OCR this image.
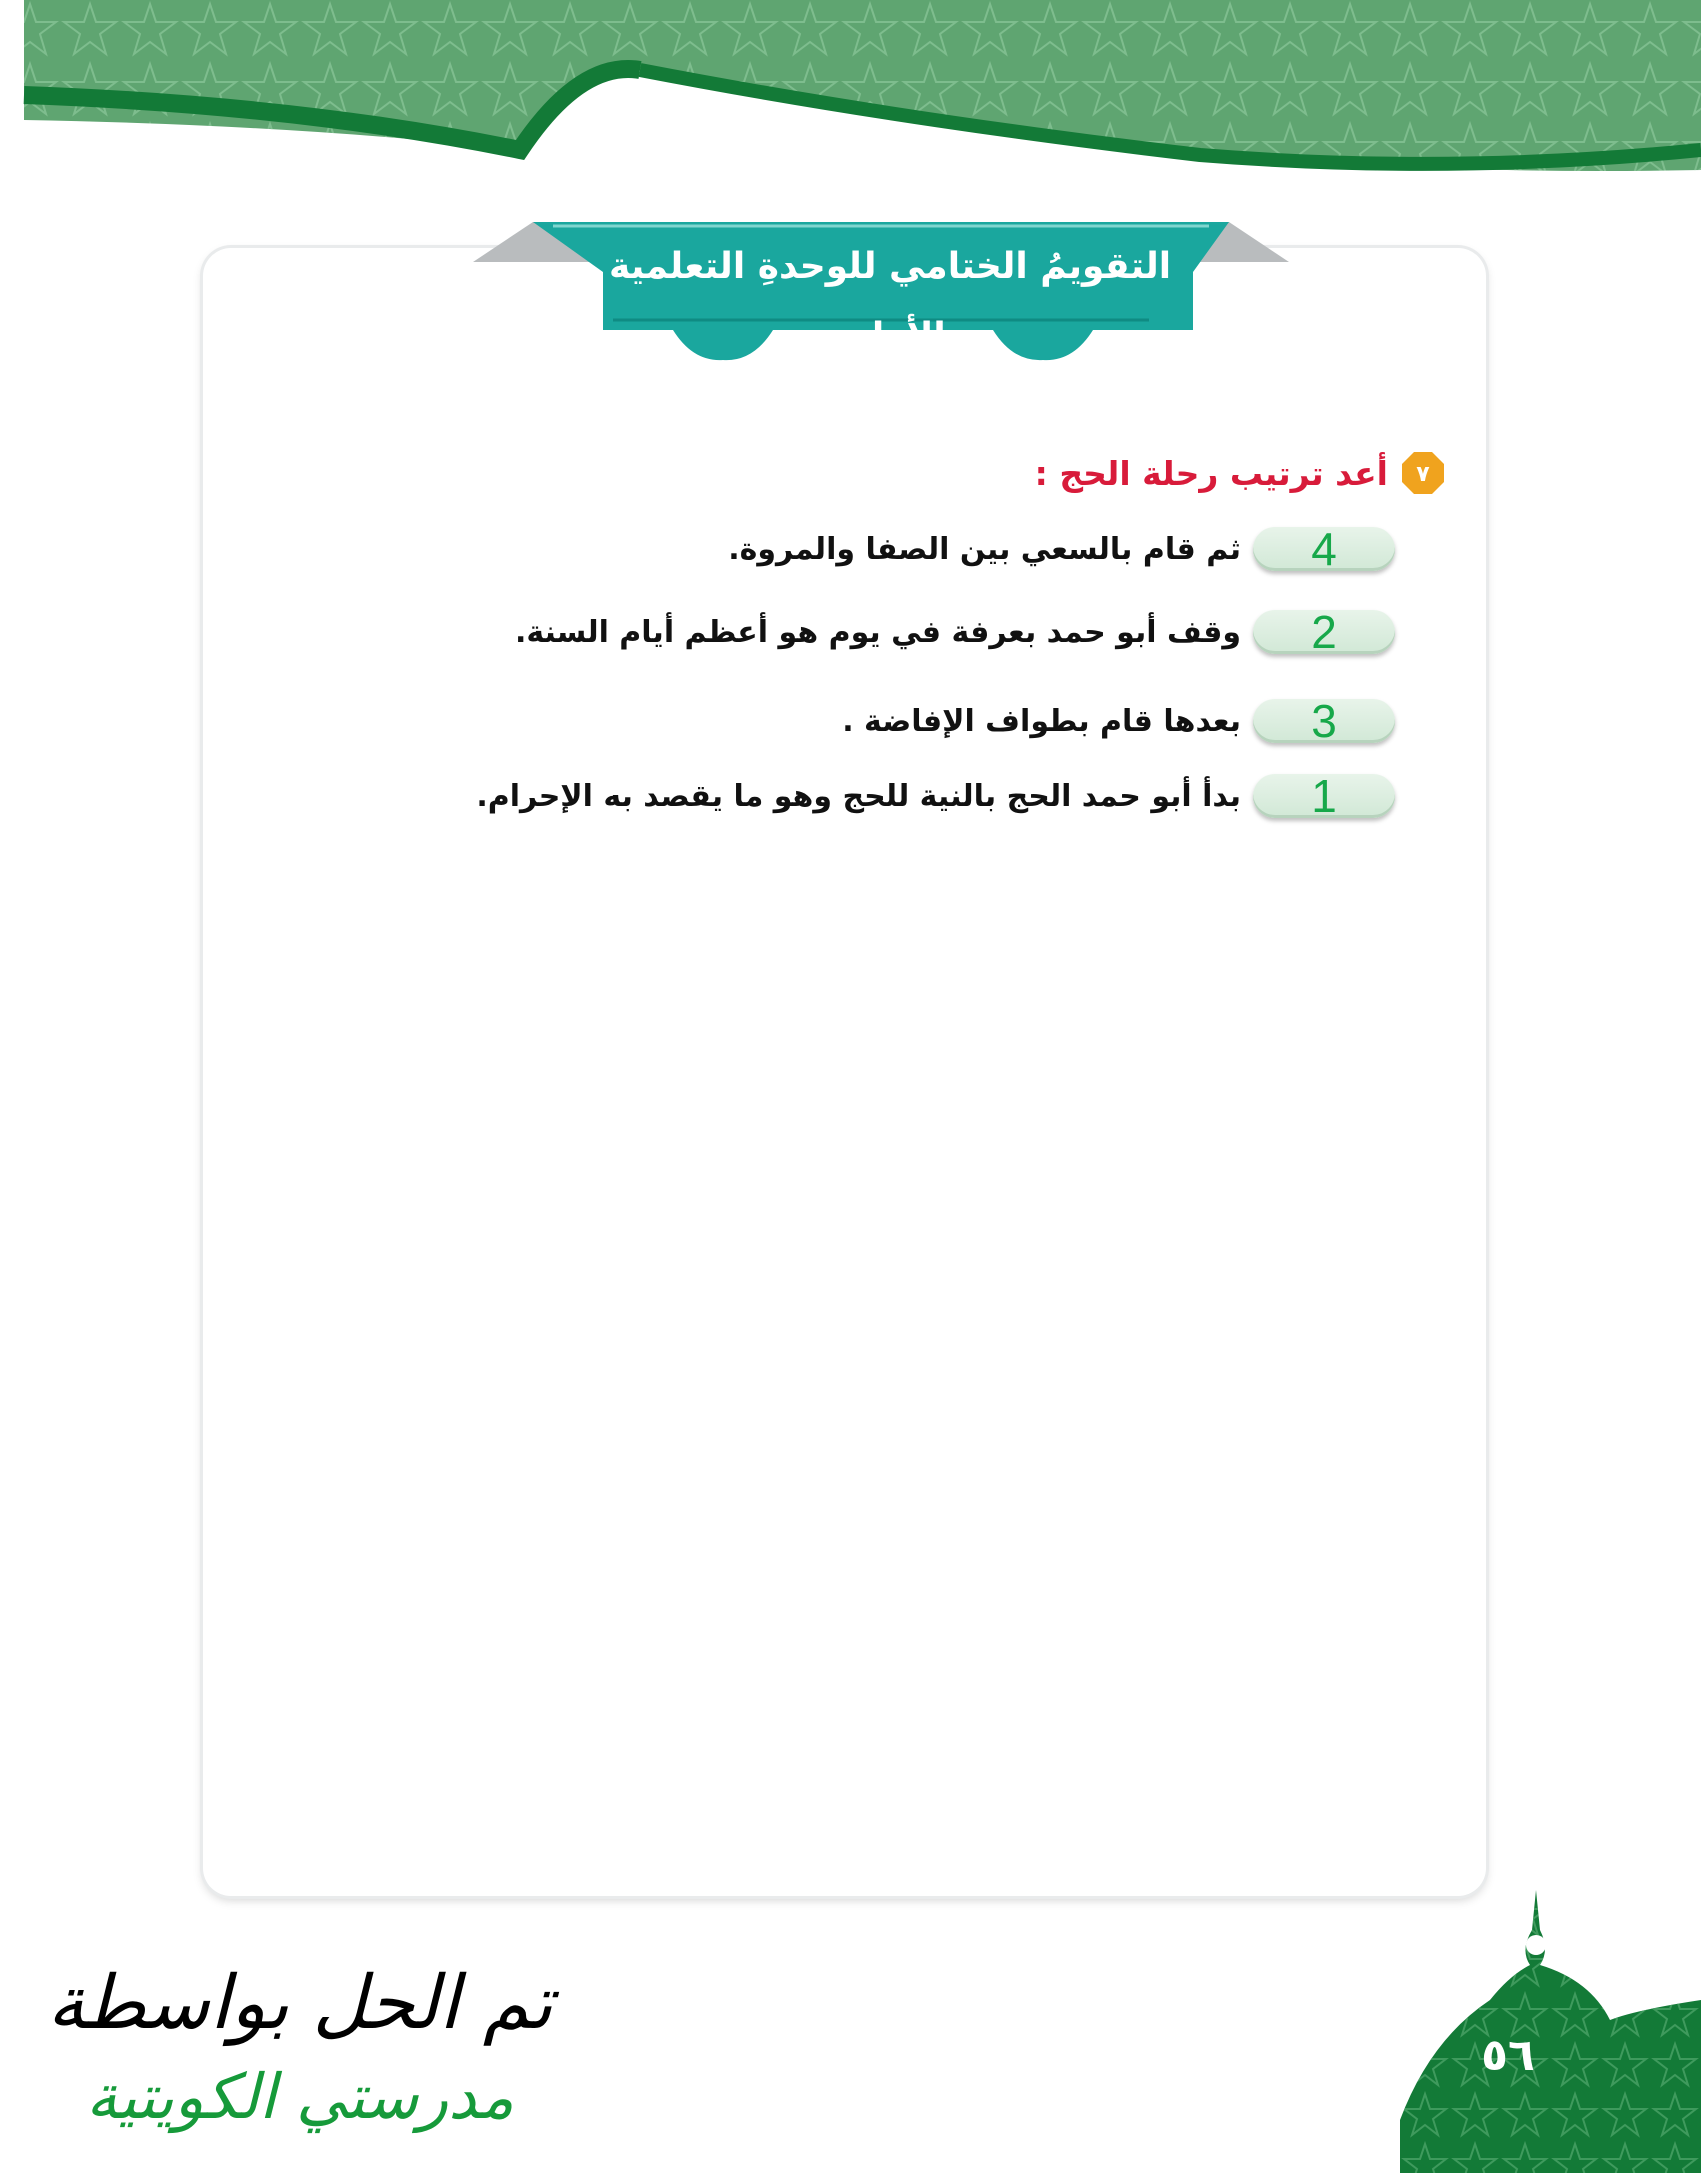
التقويمُ الختامي للوحدةِ التعلمية الأولى
٧
أعد ترتيب رحلة الحج :
4
ثم قام بالسعي بين الصفا والمروة.
2
وقف أبو حمد بعرفة في يوم هو أعظم أيام السنة.
3
بعدها قام بطواف الإفاضة .
1
بدأ أبو حمد الحج بالنية للحج وهو ما يقصد به الإحرام.
٥٦
تم الحل بواسطة
مدرستي الكويتية
